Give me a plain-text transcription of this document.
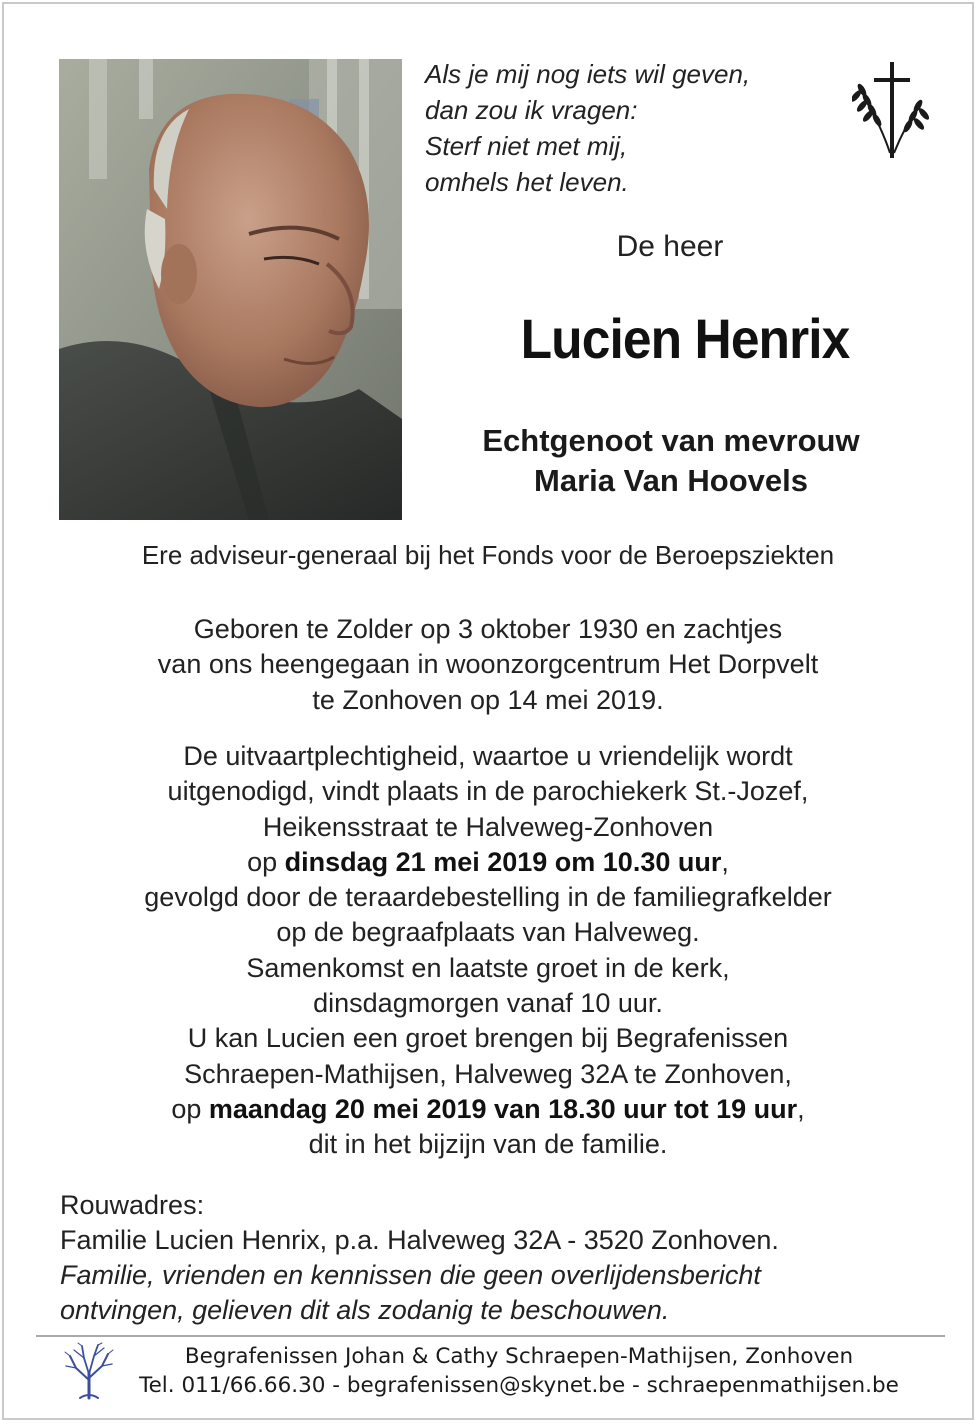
Als je mij nog iets wil geven,
dan zou ik vragen:
Sterf niet met mij,
omhels het leven.
De heer
Lucien Henrix
Echtgenoot van mevrouw
Maria Van Hoovels
Ere adviseur-generaal bij het Fonds voor de Beroepsziekten
Geboren te Zolder op 3 oktober 1930 en zachtjes
van ons heengegaan in woonzorgcentrum Het Dorpvelt
te Zonhoven op 14 mei 2019.
De uitvaartplechtigheid, waartoe u vriendelijk wordt
uitgenodigd, vindt plaats in de parochiekerk St.-Jozef,
Heikensstraat te Halveweg-Zonhoven
op dinsdag 21 mei 2019 om 10.30 uur,
gevolgd door de teraardebestelling in de familiegrafkelder
op de begraafplaats van Halveweg.
Samenkomst en laatste groet in de kerk,
dinsdagmorgen vanaf 10 uur.
U kan Lucien een groet brengen bij Begrafenissen
Schraepen-Mathijsen, Halveweg 32A te Zonhoven,
op maandag 20 mei 2019 van 18.30 uur tot 19 uur,
dit in het bijzijn van de familie.
Rouwadres:
Familie Lucien Henrix, p.a. Halveweg 32A - 3520 Zonhoven.
Familie, vrienden en kennissen die geen overlijdensbericht
ontvingen, gelieven dit als zodanig te beschouwen.
Begrafenissen Johan & Cathy Schraepen-Mathijsen, Zonhoven
Tel. 011/66.66.30 - begrafenissen@skynet.be - schraepenmathijsen.be
